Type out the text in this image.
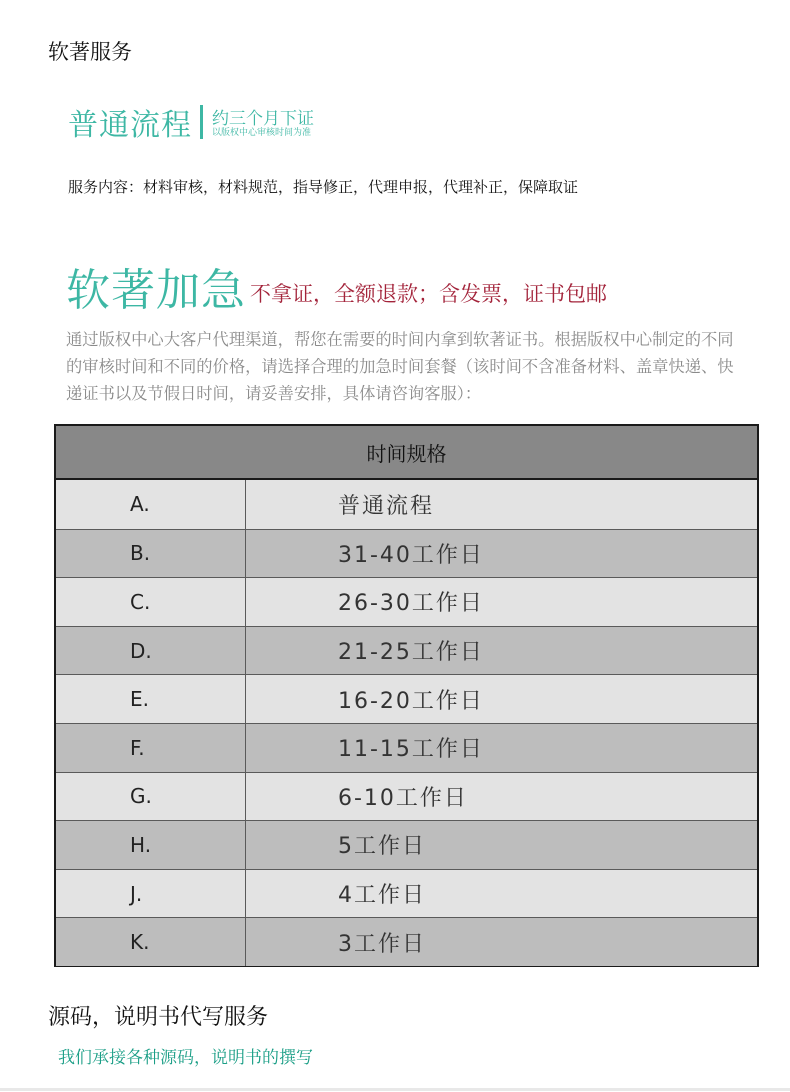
软著服务
普通流程 约三个月下证
以版权中心审核时间为准
服务内容：材料审核，材料规范，指导修正，代理申报，代理补正，保障取证
软著加急 不拿证，全额退款；含发票，证书包邮
通过版权中心大客户代理渠道，帮您在需要的时间内拿到软著证书。根据版权中心制定的不同的审核时间和不同的价格，请选择合理的加急时间套餐（该时间不含准备材料、盖章快递、快递证书以及节假日时间，请妥善安排，具体请咨询客服）：
时间规格
A.	普通流程
B.	31-40工作日
C.	26-30工作日
D.	21-25工作日
E.	16-20工作日
F.	11-15工作日
G.	6-10工作日
H.	5工作日
J.	4工作日
K.	3工作日
源码，说明书代写服务
我们承接各种源码，说明书的撰写
